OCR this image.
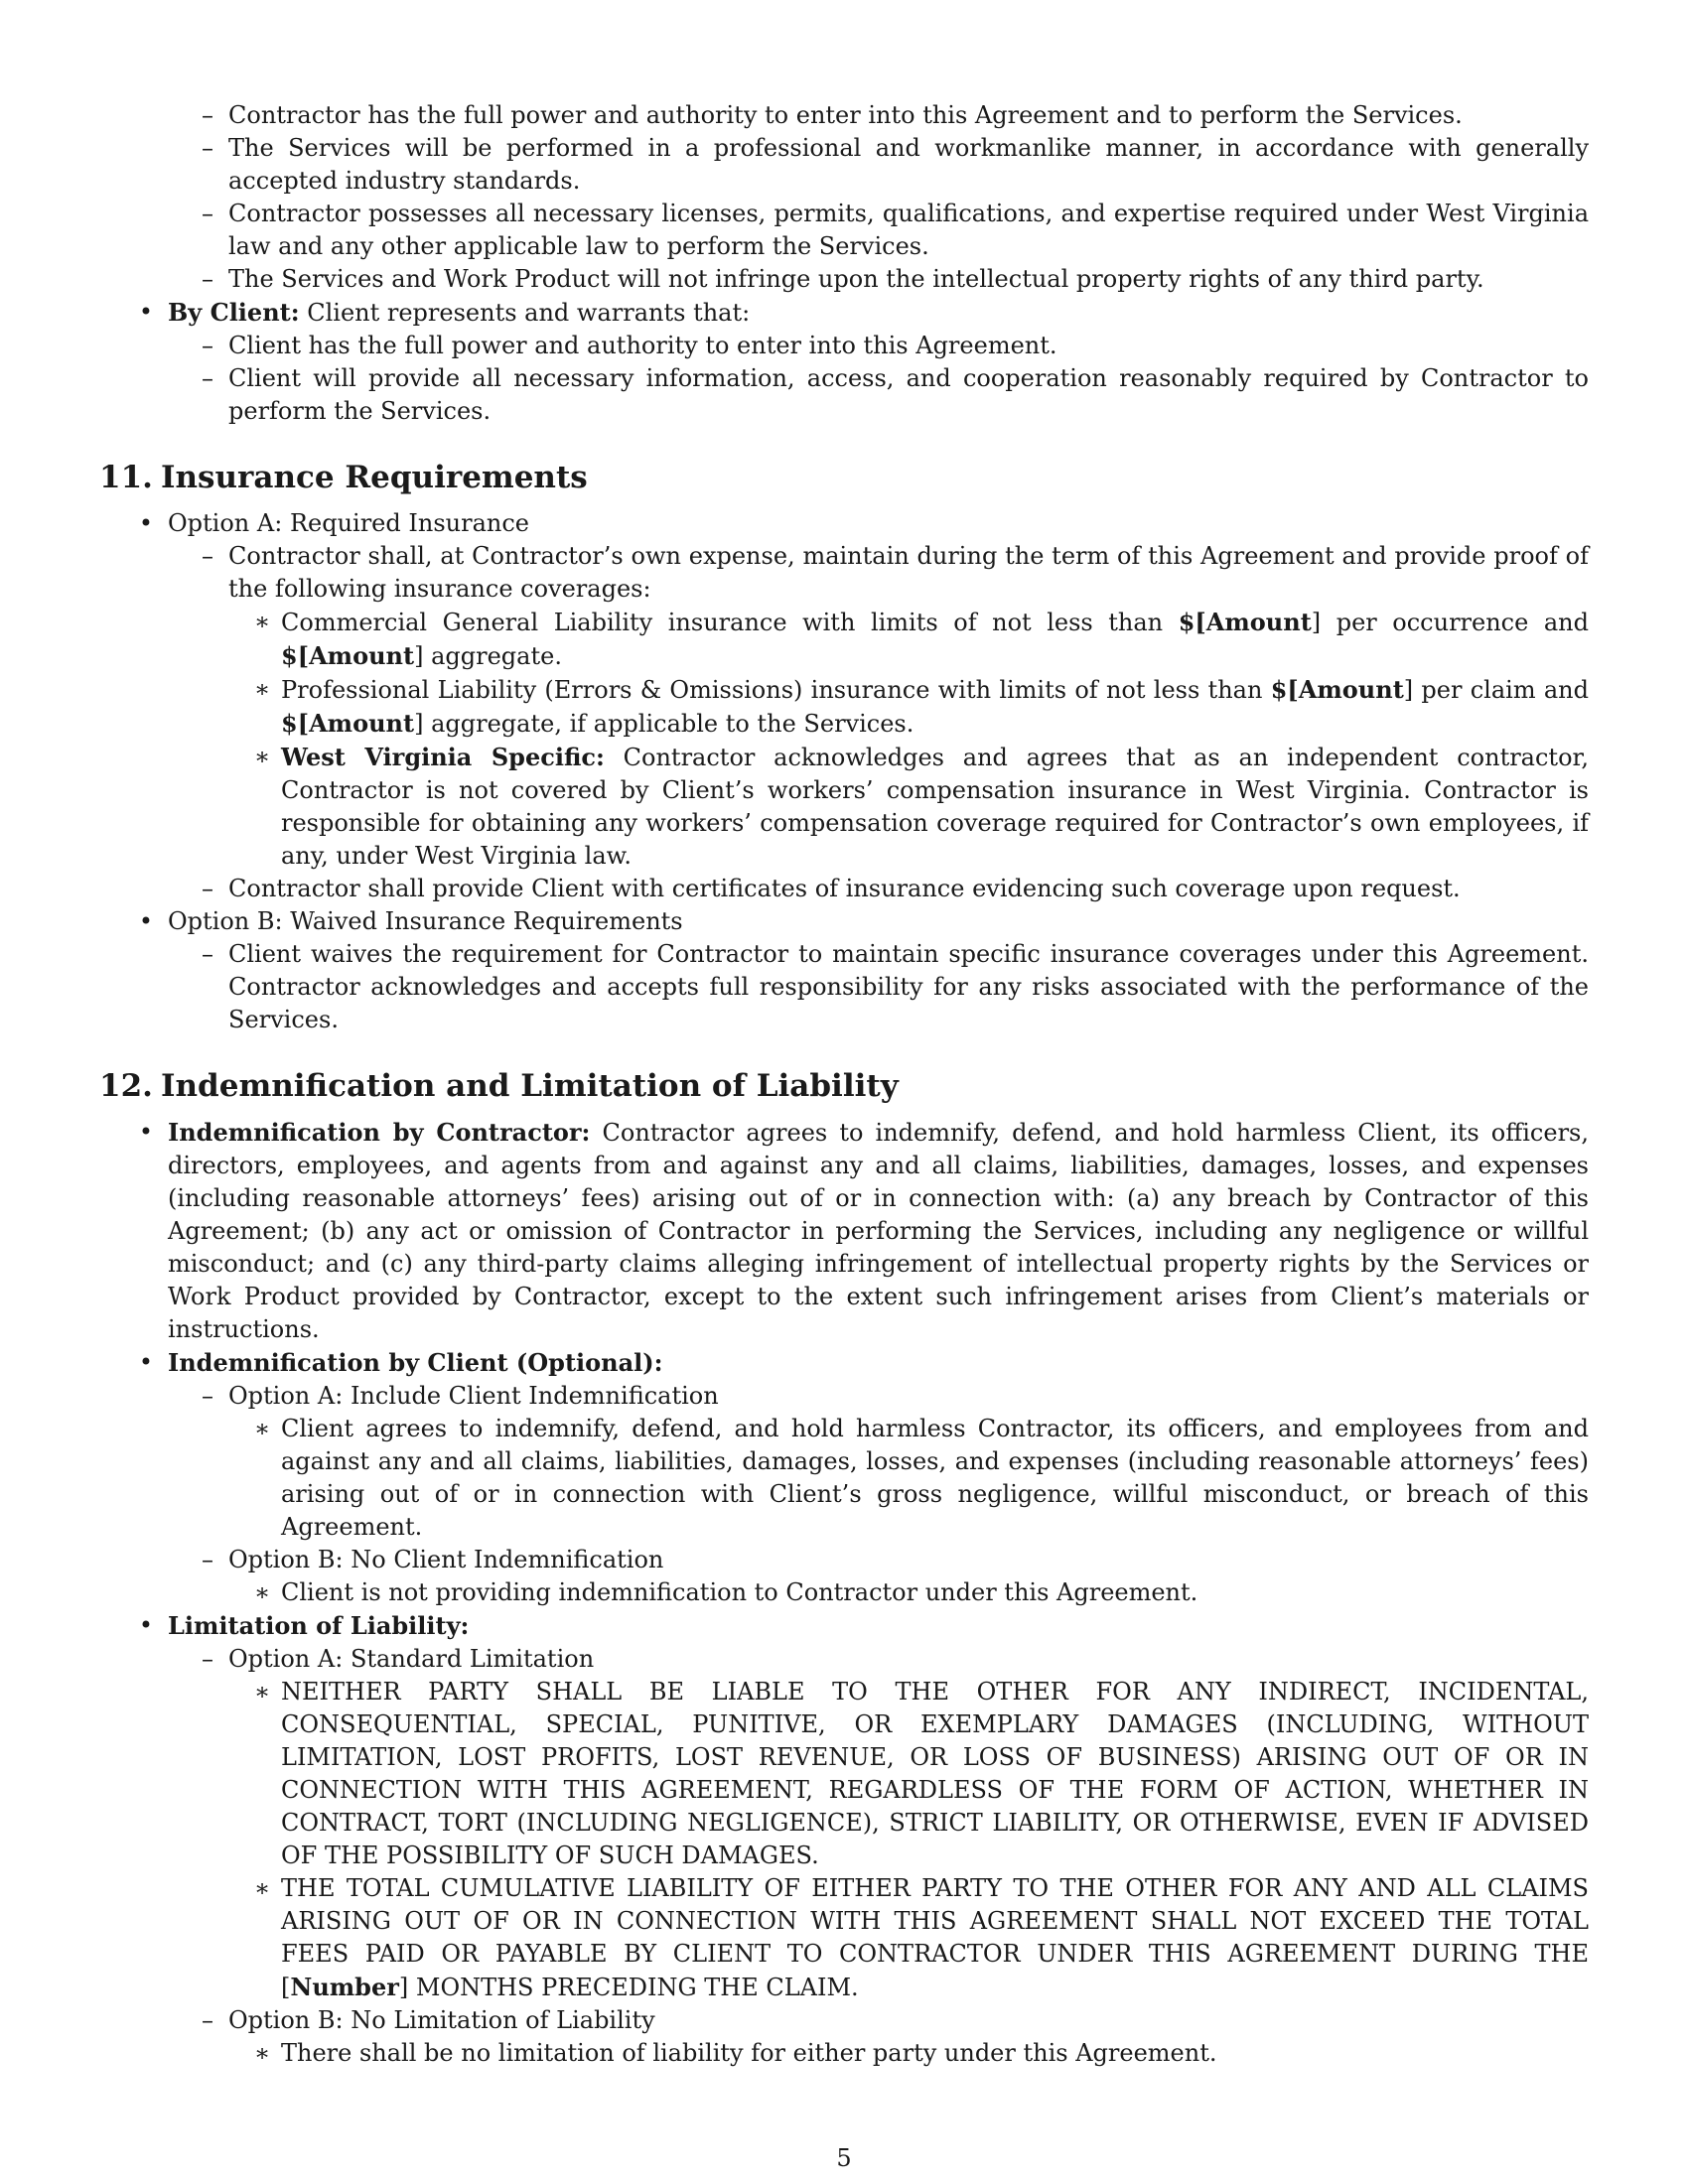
– Contractor has the full power and authority to enter into this Agreement and to perform the Services.
– The Services will be performed in a professional and workmanlike manner, in accordance with generally accepted industry standards.
– Contractor possesses all necessary licenses, permits, qualifications, and expertise required under West Virginia law and any other applicable law to perform the Services.
– The Services and Work Product will not infringe upon the intellectual property rights of any third party.
• By Client: Client represents and warrants that:
– Client has the full power and authority to enter into this Agreement.
– Client will provide all necessary information, access, and cooperation reasonably required by Contractor to perform the Services.
11. Insurance Requirements
• Option A: Required Insurance
– Contractor shall, at Contractor’s own expense, maintain during the term of this Agreement and provide proof of the following insurance coverages:
∗ Commercial General Liability insurance with limits of not less than $[Amount] per occurrence and $[Amount] aggregate.
∗ Professional Liability (Errors & Omissions) insurance with limits of not less than $[Amount] per claim and $[Amount] aggregate, if applicable to the Services.
∗ West Virginia Specific: Contractor acknowledges and agrees that as an independent contractor, Contractor is not covered by Client’s workers’ compensation insurance in West Virginia. Contractor is responsible for obtaining any workers’ compensation coverage required for Contractor’s own employees, if any, under West Virginia law.
– Contractor shall provide Client with certificates of insurance evidencing such coverage upon request.
• Option B: Waived Insurance Requirements
– Client waives the requirement for Contractor to maintain specific insurance coverages under this Agreement. Contractor acknowledges and accepts full responsibility for any risks associated with the performance of the Services.
12. Indemnification and Limitation of Liability
• Indemnification by Contractor: Contractor agrees to indemnify, defend, and hold harmless Client, its officers, directors, employees, and agents from and against any and all claims, liabilities, damages, losses, and expenses (including reasonable attorneys’ fees) arising out of or in connection with: (a) any breach by Contractor of this Agreement; (b) any act or omission of Contractor in performing the Services, including any negligence or willful misconduct; and (c) any third-party claims alleging infringement of intellectual property rights by the Services or Work Product provided by Contractor, except to the extent such infringement arises from Client’s materials or instructions.
• Indemnification by Client (Optional):
– Option A: Include Client Indemnification
∗ Client agrees to indemnify, defend, and hold harmless Contractor, its officers, and employees from and against any and all claims, liabilities, damages, losses, and expenses (including reasonable attorneys’ fees) arising out of or in connection with Client’s gross negligence, willful misconduct, or breach of this Agreement.
– Option B: No Client Indemnification
∗ Client is not providing indemnification to Contractor under this Agreement.
• Limitation of Liability:
– Option A: Standard Limitation
∗ NEITHER PARTY SHALL BE LIABLE TO THE OTHER FOR ANY INDIRECT, INCIDENTAL, CONSEQUENTIAL, SPECIAL, PUNITIVE, OR EXEMPLARY DAMAGES (INCLUDING, WITHOUT LIMITATION, LOST PROFITS, LOST REVENUE, OR LOSS OF BUSINESS) ARISING OUT OF OR IN CONNECTION WITH THIS AGREEMENT, REGARDLESS OF THE FORM OF ACTION, WHETHER IN CONTRACT, TORT (INCLUDING NEGLIGENCE), STRICT LIABILITY, OR OTHERWISE, EVEN IF ADVISED OF THE POSSIBILITY OF SUCH DAMAGES.
∗ THE TOTAL CUMULATIVE LIABILITY OF EITHER PARTY TO THE OTHER FOR ANY AND ALL CLAIMS ARISING OUT OF OR IN CONNECTION WITH THIS AGREEMENT SHALL NOT EXCEED THE TOTAL FEES PAID OR PAYABLE BY CLIENT TO CONTRACTOR UNDER THIS AGREEMENT DURING THE [Number] MONTHS PRECEDING THE CLAIM.
– Option B: No Limitation of Liability
∗ There shall be no limitation of liability for either party under this Agreement.
5
